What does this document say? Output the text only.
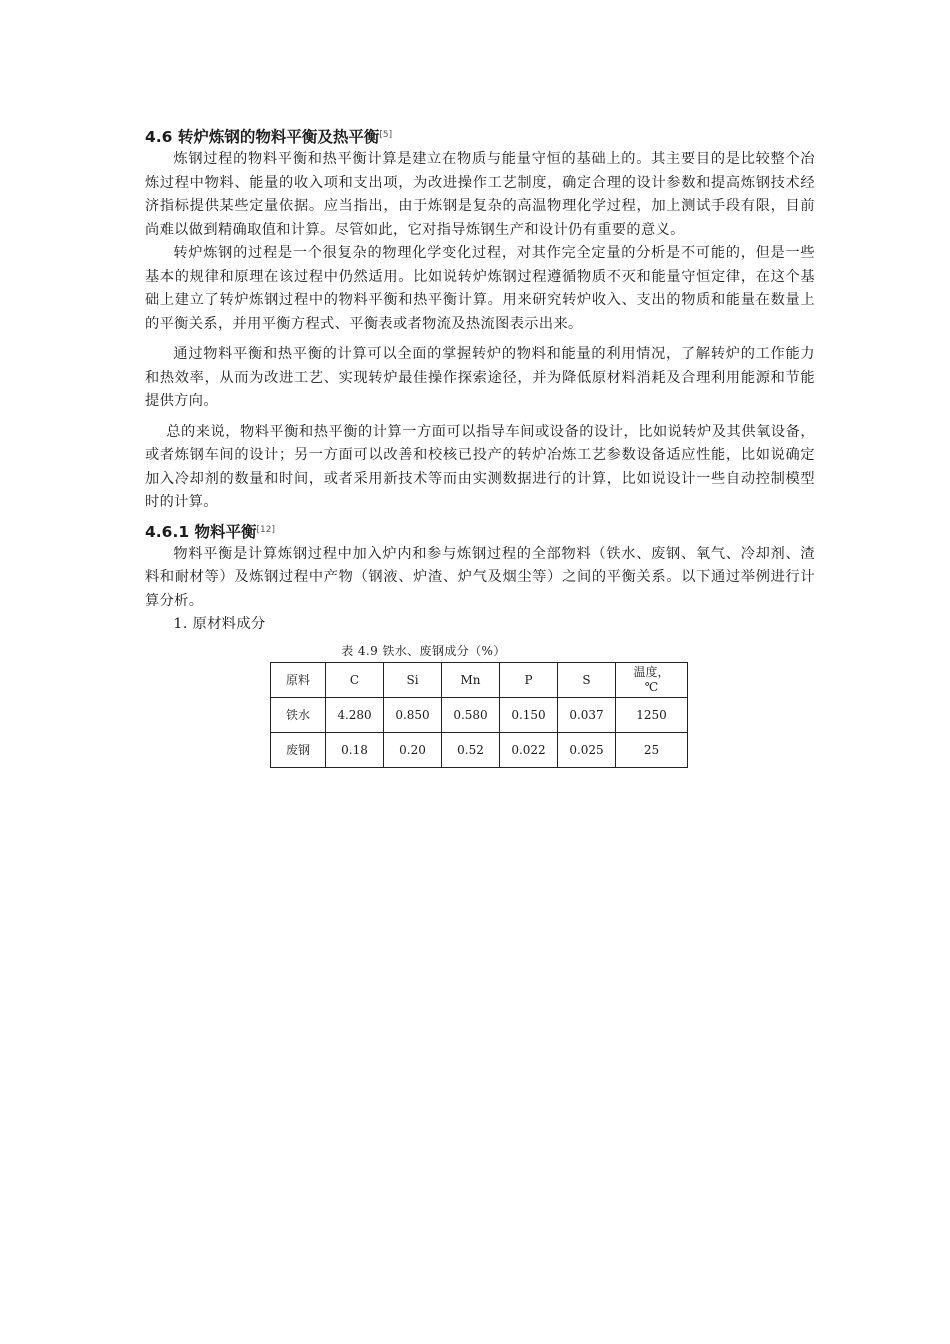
4.6 转炉炼钢的物料平衡及热平衡[5]

炼钢过程的物料平衡和热平衡计算是建立在物质与能量守恒的基础上的。其主要目的是比较整个冶炼过程中物料、能量的收入项和支出项，为改进操作工艺制度，确定合理的设计参数和提高炼钢技术经济指标提供某些定量依据。应当指出，由于炼钢是复杂的高温物理化学过程，加上测试手段有限，目前尚难以做到精确取值和计算。尽管如此，它对指导炼钢生产和设计仍有重要的意义。

转炉炼钢的过程是一个很复杂的物理化学变化过程，对其作完全定量的分析是不可能的，但是一些基本的规律和原理在该过程中仍然适用。比如说转炉炼钢过程遵循物质不灭和能量守恒定律，在这个基础上建立了转炉炼钢过程中的物料平衡和热平衡计算。用来研究转炉收入、支出的物质和能量在数量上的平衡关系，并用平衡方程式、平衡表或者物流及热流图表示出来。

通过物料平衡和热平衡的计算可以全面的掌握转炉的物料和能量的利用情况，了解转炉的工作能力和热效率，从而为改进工艺、实现转炉最佳操作探索途径，并为降低原材料消耗及合理利用能源和节能提供方向。

总的来说，物料平衡和热平衡的计算一方面可以指导车间或设备的设计，比如说转炉及其供氧设备，或者炼钢车间的设计；另一方面可以改善和校核已投产的转炉冶炼工艺参数设备适应性能，比如说确定加入冷却剂的数量和时间，或者采用新技术等而由实测数据进行的计算，比如说设计一些自动控制模型时的计算。

4.6.1 物料平衡[12]

物料平衡是计算炼钢过程中加入炉内和参与炼钢过程的全部物料（铁水、废钢、氧气、冷却剂、渣料和耐材等）及炼钢过程中产物（钢液、炉渣、炉气及烟尘等）之间的平衡关系。以下通过举例进行计算分析。

1. 原材料成分

表 4.9 铁水、废钢成分（%）
原料	C	Si	Mn	P	S	温度，
℃
铁水	4.280	0.850	0.580	0.150	0.037	1250
废钢	0.18	0.20	0.52	0.022	0.025	25
